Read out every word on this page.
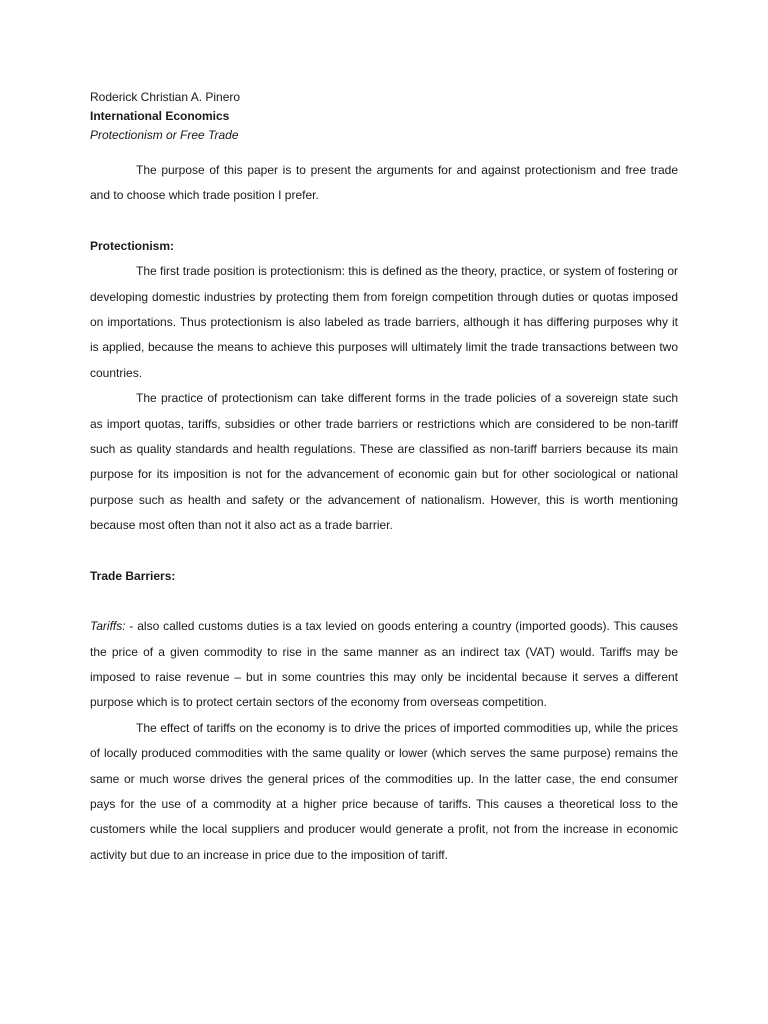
Roderick Christian A. Pinero

International Economics

Protectionism or Free Trade

The purpose of this paper is to present the arguments for and against protectionism and free trade and to choose which trade position I prefer.

Protectionism:

The first trade position is protectionism: this is defined as the theory, practice, or system of fostering or developing domestic industries by protecting them from foreign competition through duties or quotas imposed on importations. Thus protectionism is also labeled as trade barriers, although it has differing purposes why it is applied, because the means to achieve this purposes will ultimately limit the trade transactions between two countries.

The practice of protectionism can take different forms in the trade policies of a sovereign state such as import quotas, tariffs, subsidies or other trade barriers or restrictions which are considered to be non-tariff such as quality standards and health regulations. These are classified as non-tariff barriers because its main purpose for its imposition is not for the advancement of economic gain but for other sociological or national purpose such as health and safety or the advancement of nationalism. However, this is worth mentioning because most often than not it also act as a trade barrier.

Trade Barriers:

Tariffs: - also called customs duties is a tax levied on goods entering a country (imported goods). This causes the price of a given commodity to rise in the same manner as an indirect tax (VAT) would. Tariffs may be imposed to raise revenue – but in some countries this may only be incidental because it serves a different purpose which is to protect certain sectors of the economy from overseas competition.

The effect of tariffs on the economy is to drive the prices of imported commodities up, while the prices of locally produced commodities with the same quality or lower (which serves the same purpose) remains the same or much worse drives the general prices of the commodities up. In the latter case, the end consumer pays for the use of a commodity at a higher price because of tariffs. This causes a theoretical loss to the customers while the local suppliers and producer would generate a profit, not from the increase in economic activity but due to an increase in price due to the imposition of tariff.
